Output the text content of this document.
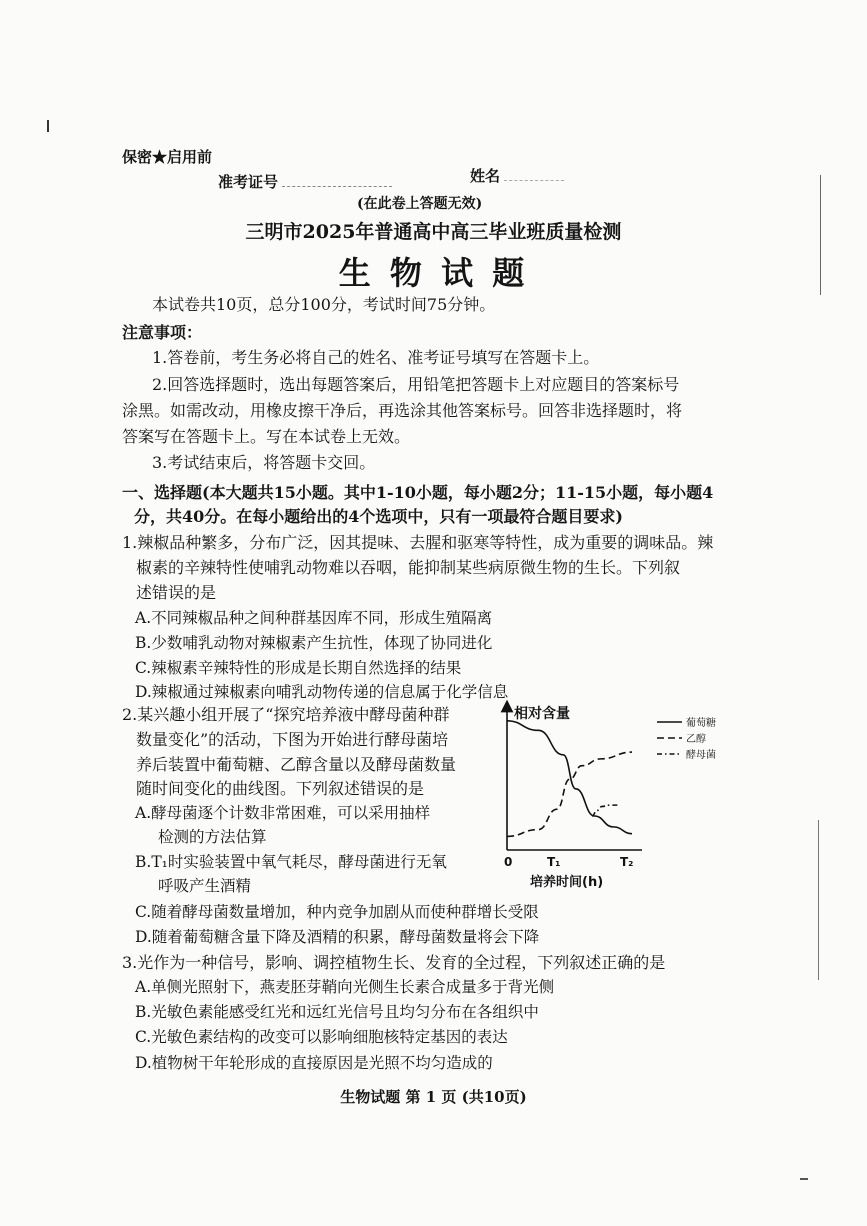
保密★启用前
准考证号	姓名
(在此卷上答题无效)
三明市2025年普通高中高三毕业班质量检测
生 物 试 题
本试卷共10页，总分100分，考试时间75分钟。
注意事项：
1.答卷前，考生务必将自己的姓名、准考证号填写在答题卡上。
2.回答选择题时，选出每题答案后，用铅笔把答题卡上对应题目的答案标号
涂黑。如需改动，用橡皮擦干净后，再选涂其他答案标号。回答非选择题时，将
答案写在答题卡上。写在本试卷上无效。
3.考试结束后，将答题卡交回。
一、选择题(本大题共15小题。其中1-10小题，每小题2分；11-15小题，每小题4
分，共40分。在每小题给出的4个选项中，只有一项最符合题目要求)
1.辣椒品种繁多，分布广泛，因其提味、去腥和驱寒等特性，成为重要的调味品。辣
椒素的辛辣特性使哺乳动物难以吞咽，能抑制某些病原微生物的生长。下列叙
述错误的是
A.不同辣椒品种之间种群基因库不同，形成生殖隔离
B.少数哺乳动物对辣椒素产生抗性，体现了协同进化
C.辣椒素辛辣特性的形成是长期自然选择的结果
D.辣椒通过辣椒素向哺乳动物传递的信息属于化学信息
2.某兴趣小组开展了“探究培养液中酵母菌种群
数量变化”的活动，下图为开始进行酵母菌培
养后装置中葡萄糖、乙醇含量以及酵母菌数量
随时间变化的曲线图。下列叙述错误的是
A.酵母菌逐个计数非常困难，可以采用抽样
检测的方法估算
B.T₁时实验装置中氧气耗尽，酵母菌进行无氧
呼吸产生酒精
C.随着酵母菌数量增加，种内竞争加剧从而使种群增长受限
D.随着葡萄糖含量下降及酒精的积累，酵母菌数量将会下降
相对含量
0	T₁	T₂
培养时间(h)
葡萄糖
乙醇
酵母菌
3.光作为一种信号，影响、调控植物生长、发育的全过程，下列叙述正确的是
A.单侧光照射下，燕麦胚芽鞘向光侧生长素合成量多于背光侧
B.光敏色素能感受红光和远红光信号且均匀分布在各组织中
C.光敏色素结构的改变可以影响细胞核特定基因的表达
D.植物树干年轮形成的直接原因是光照不均匀造成的
生物试题 第 1 页 (共10页)
